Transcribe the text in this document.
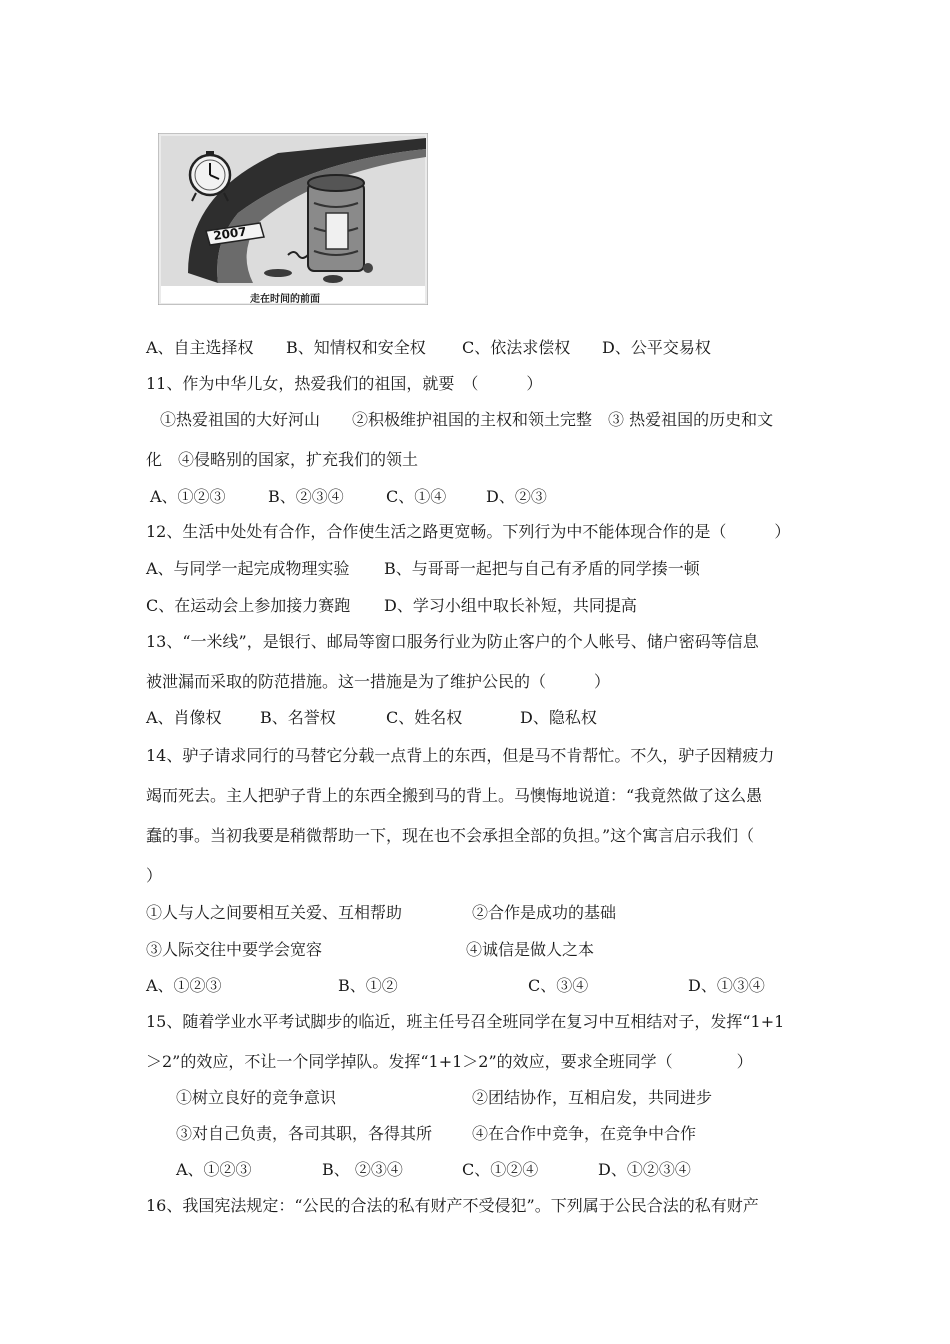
2007
走在时间的前面
A、自主选择权 B、知情权和安全权 C、依法求偿权 D、公平交易权
11、作为中华儿女，热爱我们的祖国，就要　（　　　）
①热爱祖国的大好河山　　②积极维护祖国的主权和领土完整　③ 热爱祖国的历史和文
化　④侵略别的国家，扩充我们的领土
A、①②③	B、②③④	C、①④ D、②③
12、生活中处处有合作，合作使生活之路更宽畅。下列行为中不能体现合作的是（　　　）
A、与同学一起完成物理实验 B、与哥哥一起把与自己有矛盾的同学揍一顿
C、在运动会上参加接力赛跑 D、学习小组中取长补短，共同提高
13、“一米线”，是银行、邮局等窗口服务行业为防止客户的个人帐号、储户密码等信息
被泄漏而采取的防范措施。这一措施是为了维护公民的（　　　）
A、肖像权 B、名誉权	C、姓名权	D、隐私权
14、驴子请求同行的马替它分载一点背上的东西，但是马不肯帮忙。不久，驴子因精疲力
竭而死去。主人把驴子背上的东西全搬到马的背上。马懊悔地说道：“我竟然做了这么愚
蠢的事。当初我要是稍微帮助一下，现在也不会承担全部的负担。”这个寓言启示我们（
）
①人与人之间要相互关爱、互相帮助	②合作是成功的基础
③人际交往中要学会宽容	④诚信是做人之本
A、①②③	B、①②	C、③④	D、①③④
15、随着学业水平考试脚步的临近，班主任号召全班同学在复习中互相结对子，发挥“1+1
＞2”的效应，不让一个同学掉队。发挥“1+1＞2”的效应，要求全班同学（　　　　）
①树立良好的竞争意识	②团结协作，互相启发，共同进步
③对自己负责，各司其职，各得其所 ④在合作中竞争，在竞争中合作
A、①②③	B、 ②③④	C、①②④	D、①②③④
16、我国宪法规定：“公民的合法的私有财产不受侵犯”。下列属于公民合法的私有财产
